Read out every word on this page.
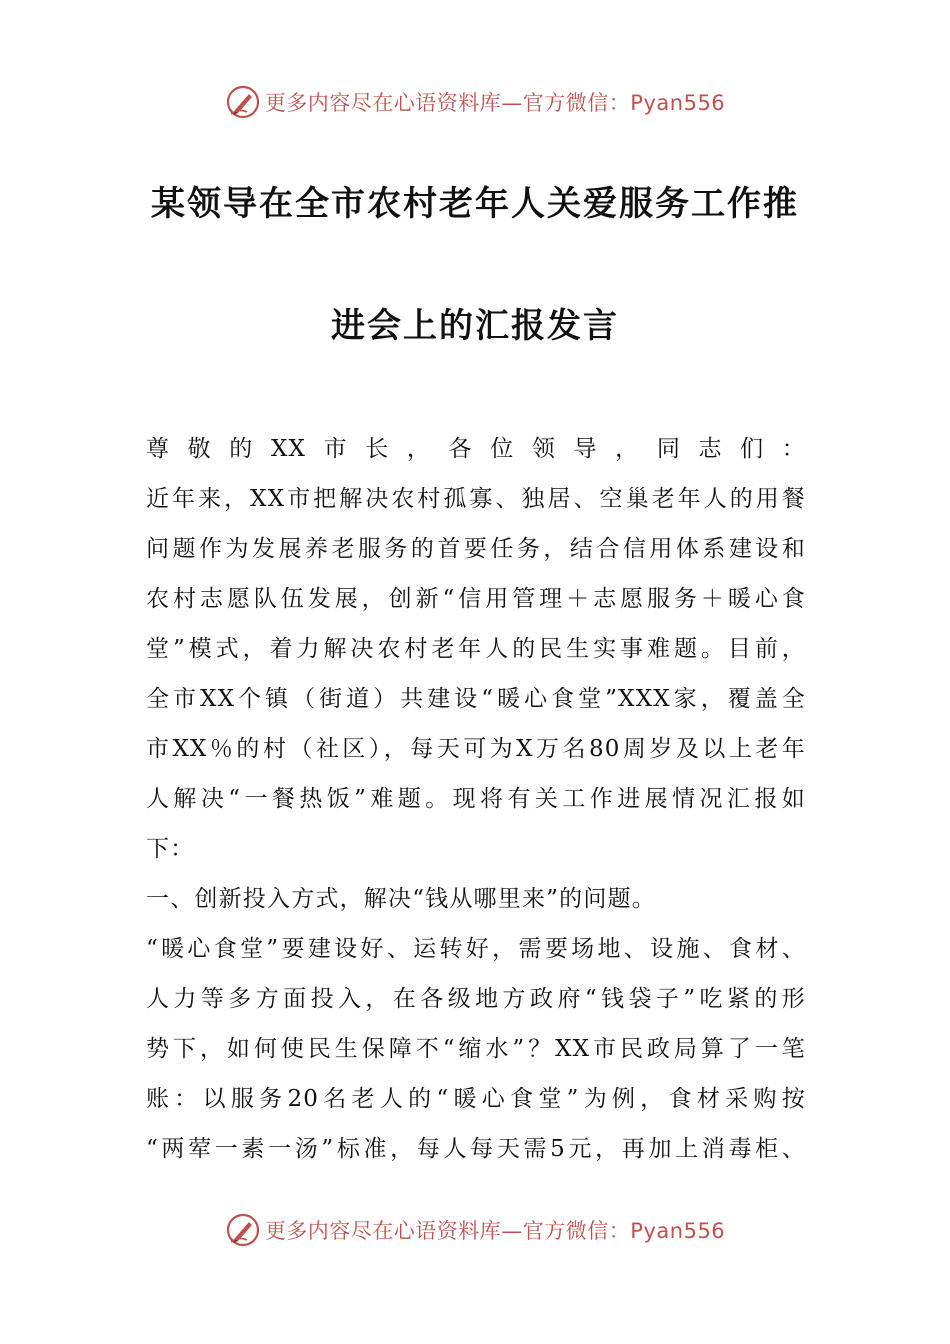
更多内容尽在心语资料库—官方微信：Pyan556
某领导在全市农村老年人关爱服务工作推
进会上的汇报发言
尊敬的XX市长，各位领导，同志们：
近年来，XX市把解决农村孤寡、独居、空巢老年人的用餐
问题作为发展养老服务的首要任务，结合信用体系建设和
农村志愿队伍发展，创新“信用管理＋志愿服务＋暖心食
堂”模式，着力解决农村老年人的民生实事难题。目前，
全市XX个镇（街道）共建设“暖心食堂”XXX家，覆盖全
市XX％的村（社区），每天可为X万名80周岁及以上老年
人解决“一餐热饭”难题。现将有关工作进展情况汇报如
下：
一、创新投入方式，解决“钱从哪里来”的问题。
“暖心食堂”要建设好、运转好，需要场地、设施、食材、
人力等多方面投入，在各级地方政府“钱袋子”吃紧的形
势下，如何使民生保障不“缩水”？XX市民政局算了一笔
账：以服务20名老人的“暖心食堂”为例，食材采购按
“两荤一素一汤”标准，每人每天需5元，再加上消毒柜、
更多内容尽在心语资料库—官方微信：Pyan556
